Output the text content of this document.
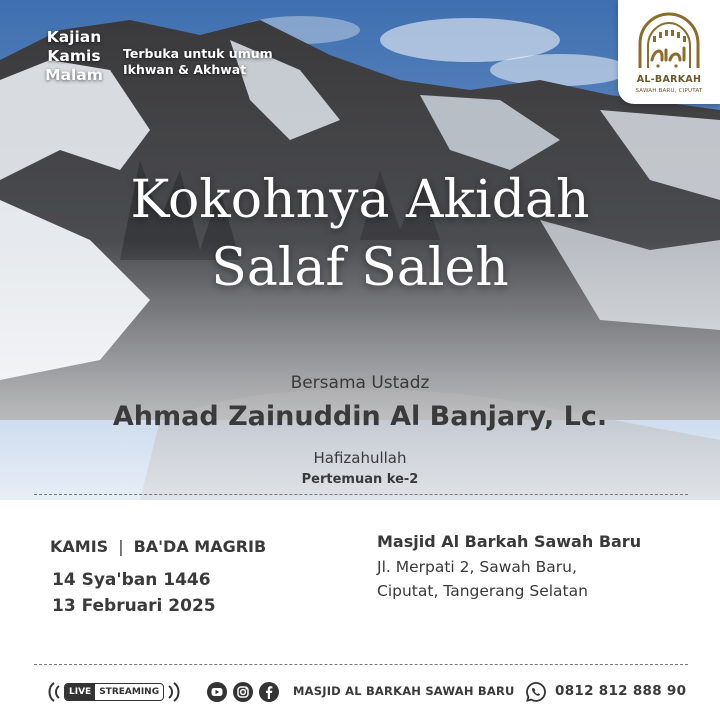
Kajian
Kamis
Malam
Terbuka untuk umum
Ikhwan & Akhwat
AL-BARKAH
SAWAH BARU, CIPUTAT
Kokohnya Akidah
Salaf Saleh
Bersama Ustadz
Ahmad Zainuddin Al Banjary, Lc.
Hafizahullah
Pertemuan ke-2
KAMIS | BA'DA MAGRIB
14 Sya'ban 1446
13 Februari 2025
Masjid Al Barkah Sawah Baru
Jl. Merpati 2, Sawah Baru,
Ciputat, Tangerang Selatan
LIVE STREAMING	MASJID AL BARKAH SAWAH BARU	0812 812 888 90
